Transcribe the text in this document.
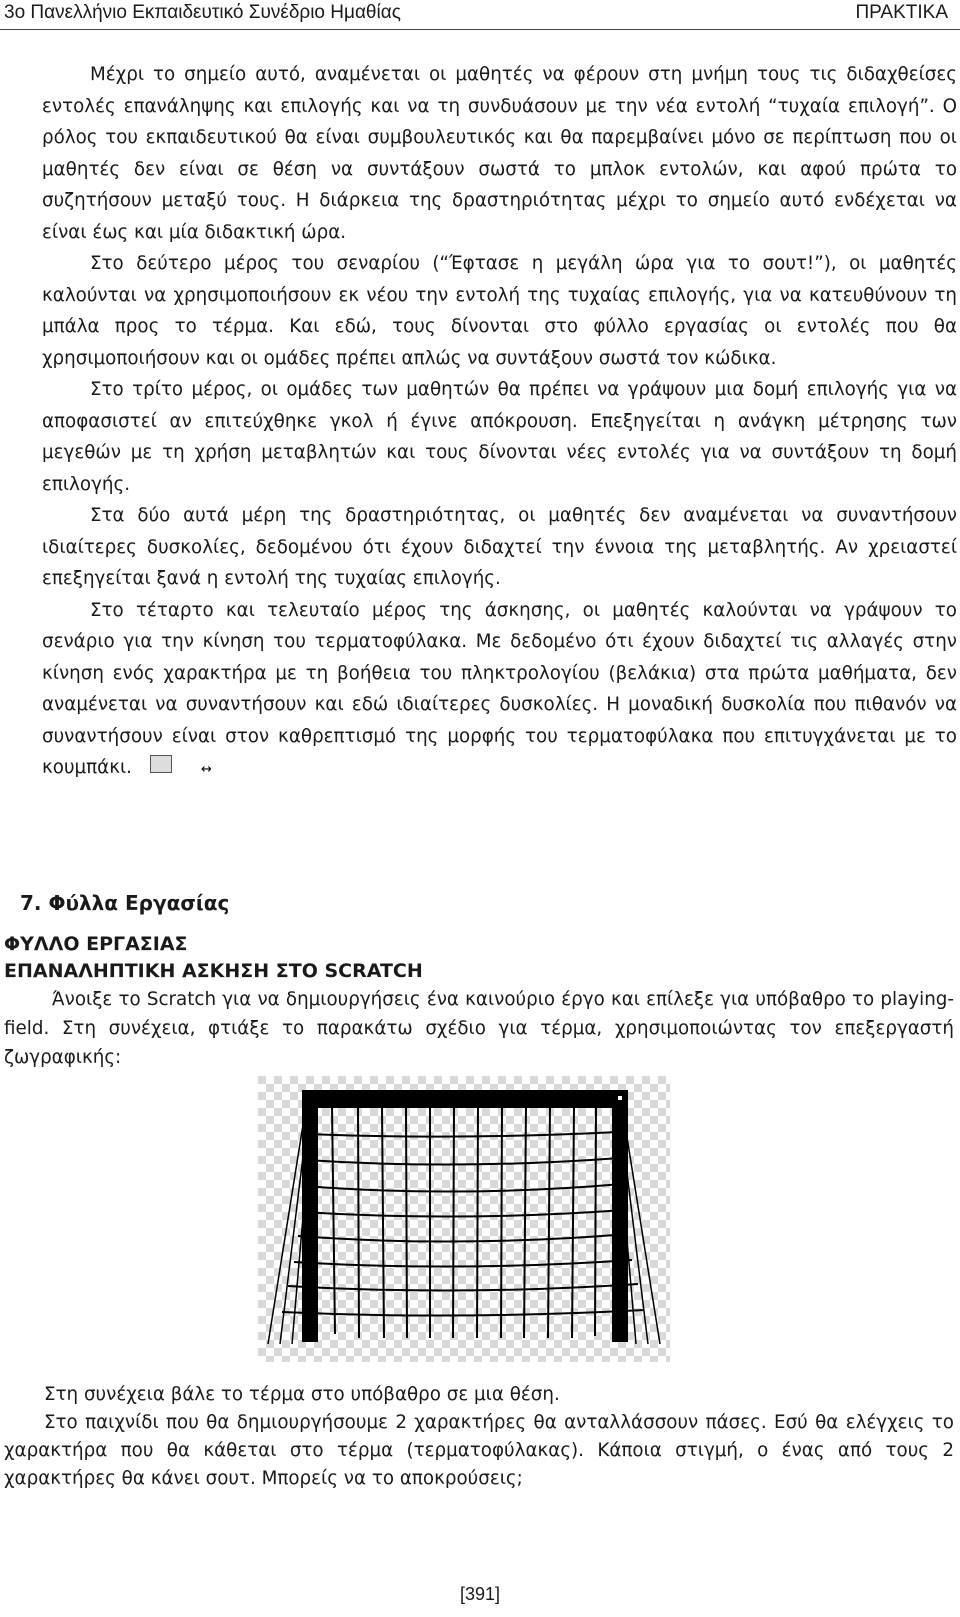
3ο Πανελλήνιο Εκπαιδευτικό Συνέδριο Ημαθίας	ΠΡΑΚΤΙΚΑ

Μέχρι το σημείο αυτό, αναμένεται οι μαθητές να φέρουν στη μνήμη τους τις διδαχθείσες εντολές επανάληψης και επιλογής και να τη συνδυάσουν με την νέα εντολή “τυχαία επιλογή”. Ο ρόλος του εκπαιδευτικού θα είναι συμβουλευτικός και θα παρεμβαίνει μόνο σε περίπτωση που οι μαθητές δεν είναι σε θέση να συντάξουν σωστά το μπλοκ εντολών, και αφού πρώτα το συζητήσουν μεταξύ τους. Η διάρκεια της δραστηριότητας μέχρι το σημείο αυτό ενδέχεται να είναι έως και μία διδακτική ώρα.

Στο δεύτερο μέρος του σεναρίου (“Έφτασε η μεγάλη ώρα για το σουτ!”), οι μαθητές καλούνται να χρησιμοποιήσουν εκ νέου την εντολή της τυχαίας επιλογής, για να κατευθύνουν τη μπάλα προς το τέρμα. Και εδώ, τους δίνονται στο φύλλο εργασίας οι εντολές που θα χρησιμοποιήσουν και οι ομάδες πρέπει απλώς να συντάξουν σωστά τον κώδικα.

Στο τρίτο μέρος, οι ομάδες των μαθητών θα πρέπει να γράψουν μια δομή επιλογής για να αποφασιστεί αν επιτεύχθηκε γκολ ή έγινε απόκρουση. Επεξηγείται η ανάγκη μέτρησης των μεγεθών με τη χρήση μεταβλητών και τους δίνονται νέες εντολές για να συντάξουν τη δομή επιλογής.

Στα δύο αυτά μέρη της δραστηριότητας, οι μαθητές δεν αναμένεται να συναντήσουν ιδιαίτερες δυσκολίες, δεδομένου ότι έχουν διδαχτεί την έννοια της μεταβλητής. Αν χρειαστεί επεξηγείται ξανά η εντολή της τυχαίας επιλογής.

Στο τέταρτο και τελευταίο μέρος της άσκησης, οι μαθητές καλούνται να γράψουν το σενάριο για την κίνηση του τερματοφύλακα. Με δεδομένο ότι έχουν διδαχτεί τις αλλαγές στην κίνηση ενός χαρακτήρα με τη βοήθεια του πληκτρολογίου (βελάκια) στα πρώτα μαθήματα, δεν αναμένεται να συναντήσουν και εδώ ιδιαίτερες δυσκολίες. Η μοναδική δυσκολία που πιθανόν να συναντήσουν είναι στον καθρεπτισμό της μορφής του τερματοφύλακα που επιτυγχάνεται με το κουμπάκι.↔

7. Φύλλα Εργασίας
ΦΥΛΛΟ ΕΡΓΑΣΙΑΣ
ΕΠΑΝΑΛΗΠΤΙΚΗ ΑΣΚΗΣΗ ΣΤΟ SCRATCH

Άνοιξε το Scratch για να δημιουργήσεις ένα καινούριο έργο και επίλεξε για υπόβαθρο το playing-field. Στη συνέχεια, φτιάξε το παρακάτω σχέδιο για τέρμα, χρησιμοποιώντας τον επεξεργαστή ζωγραφικής:

Στη συνέχεια βάλε το τέρμα στο υπόβαθρο σε μια θέση.

Στο παιχνίδι που θα δημιουργήσουμε 2 χαρακτήρες θα ανταλλάσσουν πάσες. Εσύ θα ελέγχεις το χαρακτήρα που θα κάθεται στο τέρμα (τερματοφύλακας). Κάποια στιγμή, ο ένας από τους 2 χαρακτήρες θα κάνει σουτ. Μπορείς να το αποκρούσεις;

[391]
